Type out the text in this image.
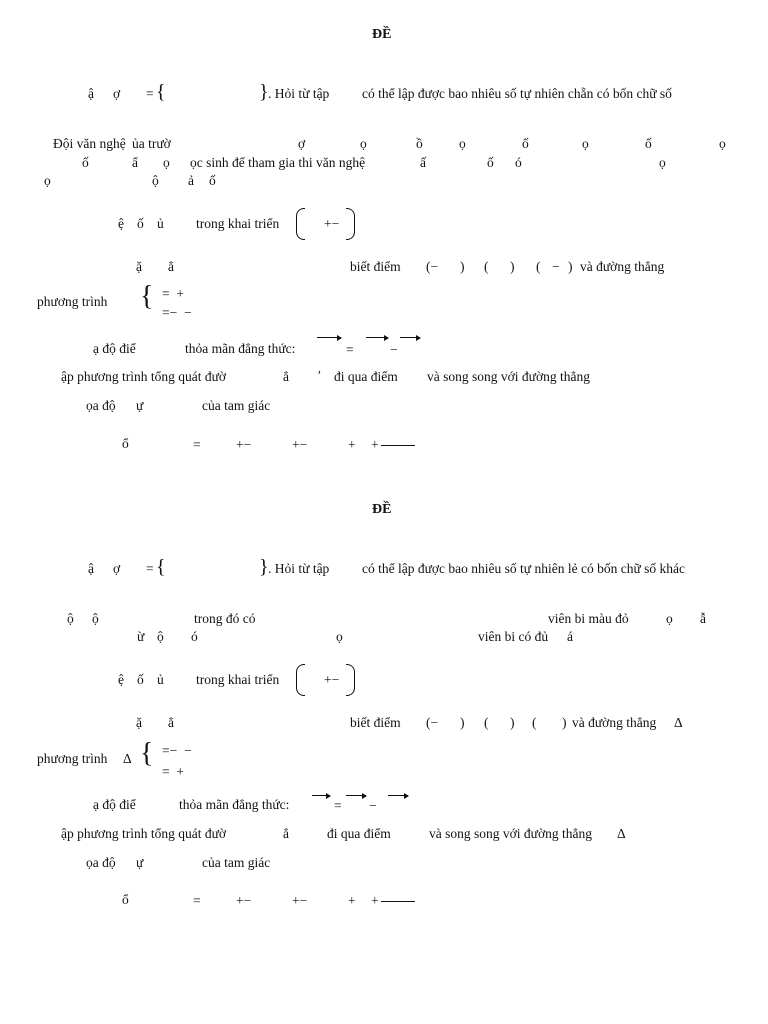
ĐỀ
ậ ợ = {	} . Hỏi từ tập có thể lập được bao nhiêu số tự nhiên chẵn có bốn chữ số
Đội văn nghệ ủa trườ	ợ	ọ	ồ	ọ	ố	ọ	ố	ọ
ố	ẩ ọ ọc sinh để tham gia thi văn nghệ	ấ	ố ó	ọ
ọ	ộ ả ố
ệ ố ủ trong khai triển	+−
ặ ẳ	biết điểm (− ) ( ) ( − ) và đường thẳng
phương trình { =  +
=−  −
ạ độ điể	thỏa mãn đẳng thức:	=	−
ập phương trình tổng quát đườ	ẳ ′ đi qua điểm và song song với đường thẳng
ọa độ ự	của tam giác
ổ	=	+−	+−	+ +
ĐỀ
ậ ợ = {	} . Hỏi từ tập có thể lập được bao nhiêu số tự nhiên lẻ có bốn chữ số khác
ộ ộ	trong đó có	viên bi màu đỏ	ọ ẫ
ừ ộ ó	ọ	viên bi có đủ á
ệ ố ủ trong khai triển	+−
ặ ẳ	biết điểm (− ) ( ) ( ) và đường thẳng Δ
phương trình Δ { =−  −
=  +
ạ độ điể	thỏa mãn đẳng thức:	= −
ập phương trình tổng quát đườ	ẳ	đi qua điểm	và song song với đường thẳng Δ
ọa độ ự	của tam giác
ổ	=	+−	+−	+ +
